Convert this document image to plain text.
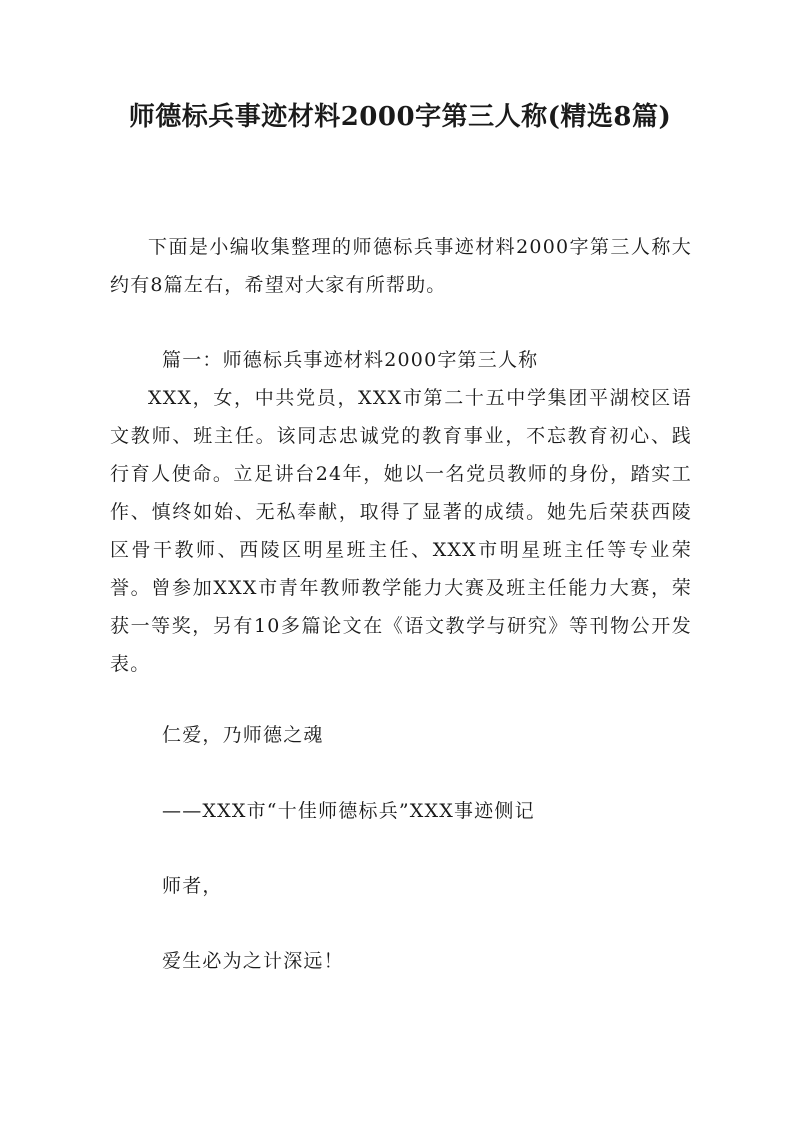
师德标兵事迹材料2000字第三人称(精选8篇)

下面是小编收集整理的师德标兵事迹材料2000字第三人称大约有8篇左右，希望对大家有所帮助。

篇一：师德标兵事迹材料2000字第三人称

XXX，女，中共党员，XXX市第二十五中学集团平湖校区语文教师、班主任。该同志忠诚党的教育事业，不忘教育初心、践行育人使命。立足讲台24年，她以一名党员教师的身份，踏实工作、慎终如始、无私奉献，取得了显著的成绩。她先后荣获西陵区骨干教师、西陵区明星班主任、XXX市明星班主任等专业荣誉。曾参加XXX市青年教师教学能力大赛及班主任能力大赛，荣获一等奖，另有10多篇论文在《语文教学与研究》等刊物公开发表。

仁爱，乃师德之魂

——XXX市“十佳师德标兵”XXX事迹侧记

师者，

爱生必为之计深远！
